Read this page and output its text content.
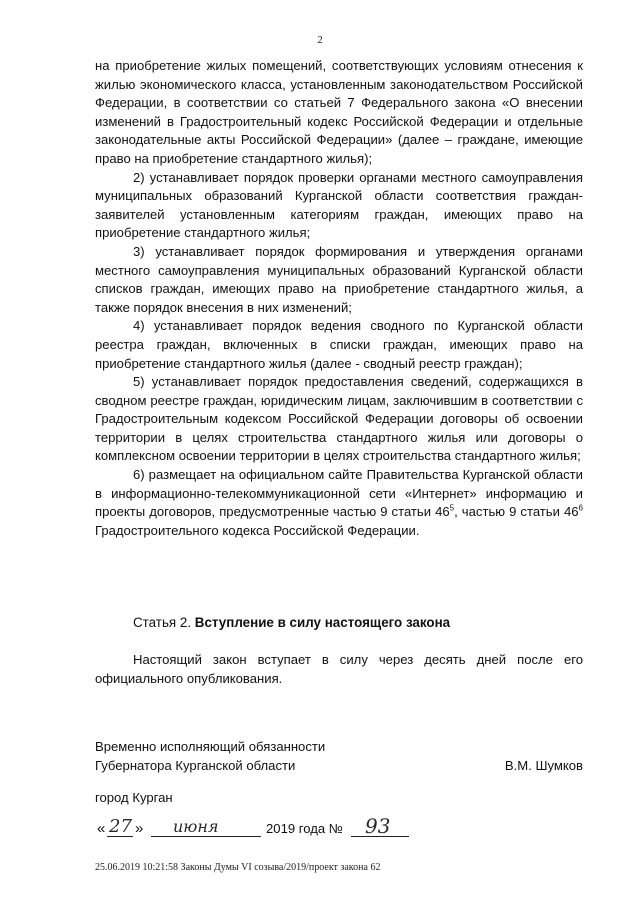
2

на приобретение жилых помещений, соответствующих условиям отнесения к жилью экономического класса, установленным законодательством Российской Федерации, в соответствии со статьей 7 Федерального закона «О внесении изменений в Градостроительный кодекс Российской Федерации и отдельные законодательные акты Российской Федерации» (далее – граждане, имеющие право на приобретение стандартного жилья);

2) устанавливает порядок проверки органами местного самоуправления муниципальных образований Курганской области соответствия граждан-заявителей установленным категориям граждан, имеющих право на приобретение стандартного жилья;

3) устанавливает порядок формирования и утверждения органами местного самоуправления муниципальных образований Курганской области списков граждан, имеющих право на приобретение стандартного жилья, а также порядок внесения в них изменений;

4) устанавливает порядок ведения сводного по Курганской области реестра граждан, включенных в списки граждан, имеющих право на приобретение стандартного жилья (далее - сводный реестр граждан);

5) устанавливает порядок предоставления сведений, содержащихся в сводном реестре граждан, юридическим лицам, заключившим в соответствии с Градостроительным кодексом Российской Федерации договоры об освоении территории в целях строительства стандартного жилья или договоры о комплексном освоении территории в целях строительства стандартного жилья;

6) размещает на официальном сайте Правительства Курганской области в информационно-телекоммуникационной сети «Интернет» информацию и проекты договоров, предусмотренные частью 9 статьи $46^5$, частью 9 статьи $46^6$ Градостроительного кодекса Российской Федерации.

Статья 2. Вступление в силу настоящего закона

Настоящий закон вступает в силу через десять дней после его официального опубликования.

Временно исполняющий обязанности
Губернатора Курганской области	В.М. Шумков
город Курган
« 27 » июня	2019 года № 93
25.06.2019 10:21:58 Законы Думы VI созыва/2019/проект закона 62
